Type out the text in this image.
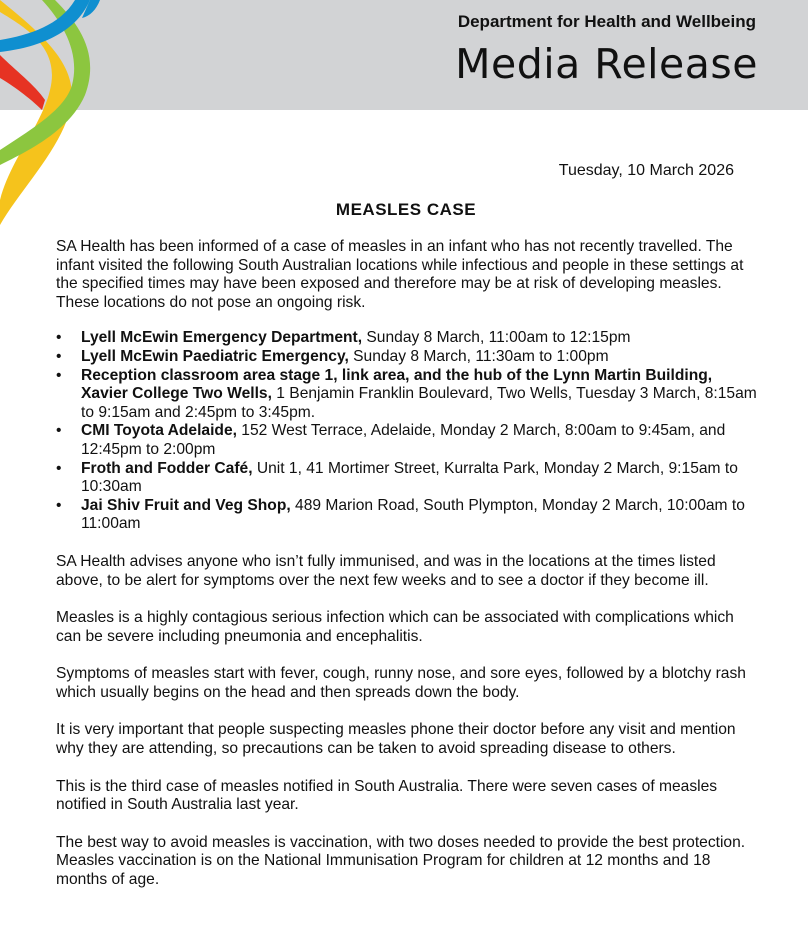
Department for Health and Wellbeing
Media Release
Tuesday, 10 March 2026
MEASLES CASE

SA Health has been informed of a case of measles in an infant who has not recently travelled. The infant visited the following South Australian locations while infectious and people in these settings at the specified times may have been exposed and therefore may be at risk of developing measles. These locations do not pose an ongoing risk.

• Lyell McEwin Emergency Department, Sunday 8 March, 11:00am to 12:15pm
• Lyell McEwin Paediatric Emergency, Sunday 8 March, 11:30am to 1:00pm
• Reception classroom area stage 1, link area, and the hub of the Lynn Martin Building, Xavier College Two Wells, 1 Benjamin Franklin Boulevard, Two Wells, Tuesday 3 March, 8:15am to 9:15am and 2:45pm to 3:45pm.
• CMI Toyota Adelaide, 152 West Terrace, Adelaide, Monday 2 March, 8:00am to 9:45am, and 12:45pm to 2:00pm
• Froth and Fodder Café, Unit 1, 41 Mortimer Street, Kurralta Park, Monday 2 March, 9:15am to 10:30am
• Jai Shiv Fruit and Veg Shop, 489 Marion Road, South Plympton, Monday 2 March, 10:00am to 11:00am

SA Health advises anyone who isn’t fully immunised, and was in the locations at the times listed above, to be alert for symptoms over the next few weeks and to see a doctor if they become ill.

Measles is a highly contagious serious infection which can be associated with complications which can be severe including pneumonia and encephalitis.

Symptoms of measles start with fever, cough, runny nose, and sore eyes, followed by a blotchy rash which usually begins on the head and then spreads down the body.

It is very important that people suspecting measles phone their doctor before any visit and mention why they are attending, so precautions can be taken to avoid spreading disease to others.

This is the third case of measles notified in South Australia. There were seven cases of measles notified in South Australia last year.

The best way to avoid measles is vaccination, with two doses needed to provide the best protection. Measles vaccination is on the National Immunisation Program for children at 12 months and 18 months of age.
